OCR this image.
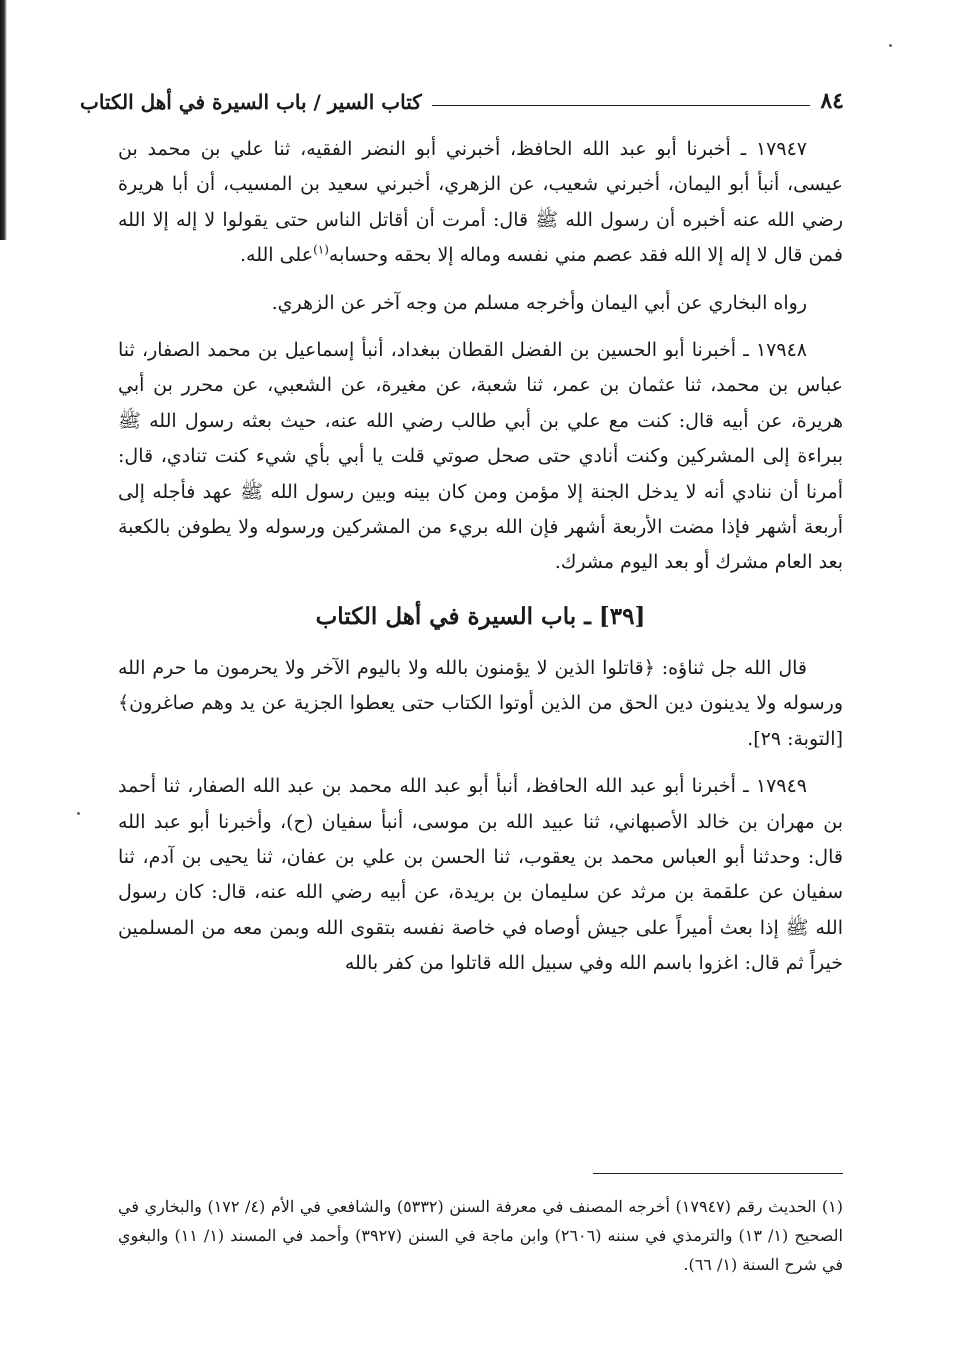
٨٤
كتاب السير / باب السيرة في أهل الكتاب

١٧٩٤٧ ـ أخبرنا أبو عبد الله الحافظ، أخبرني أبو النضر الفقيه، ثنا علي بن محمد بن عيسى، أنبأ أبو اليمان، أخبرني شعيب، عن الزهري، أخبرني سعيد بن المسيب، أن أبا هريرة رضي الله عنه أخبره أن رسول الله ﷺ قال: أمرت أن أقاتل الناس حتى يقولوا لا إله إلا الله فمن قال لا إله إلا الله فقد عصم مني نفسه وماله إلا بحقه وحسابه$^{(١)}$على الله.

رواه البخاري عن أبي اليمان وأخرجه مسلم من وجه آخر عن الزهري.

١٧٩٤٨ ـ أخبرنا أبو الحسين بن الفضل القطان ببغداد، أنبأ إسماعيل بن محمد الصفار، ثنا عباس بن محمد، ثنا عثمان بن عمر، ثنا شعبة، عن مغيرة، عن الشعبي، عن محرر بن أبي هريرة، عن أبيه قال: كنت مع علي بن أبي طالب رضي الله عنه، حيث بعثه رسول الله ﷺ ببراءة إلى المشركين وكنت أنادي حتى صحل صوتي قلت يا أبي بأي شيء كنت تنادي، قال: أمرنا أن ننادي أنه لا يدخل الجنة إلا مؤمن ومن كان بينه وبين رسول الله ﷺ عهد فأجله إلى أربعة أشهر فإذا مضت الأربعة أشهر فإن الله بريء من المشركين ورسوله ولا يطوفن بالكعبة بعد العام مشرك أو بعد اليوم مشرك.

[٣٩] ـ باب السيرة في أهل الكتاب

قال الله جل ثناؤه: ﴿قاتلوا الذين لا يؤمنون بالله ولا باليوم الآخر ولا يحرمون ما حرم الله ورسوله ولا يدينون دين الحق من الذين أوتوا الكتاب حتى يعطوا الجزية عن يد وهم صاغرون﴾ [التوبة: ٢٩].

١٧٩٤٩ ـ أخبرنا أبو عبد الله الحافظ، أنبأ أبو عبد الله محمد بن عبد الله الصفار، ثنا أحمد بن مهران بن خالد الأصبهاني، ثنا عبيد الله بن موسى، أنبأ سفيان (ح)، وأخبرنا أبو عبد الله قال: وحدثنا أبو العباس محمد بن يعقوب، ثنا الحسن بن علي بن عفان، ثنا يحيى بن آدم، ثنا سفيان عن علقمة بن مرثد عن سليمان بن بريدة، عن أبيه رضي الله عنه، قال: كان رسول الله ﷺ إذا بعث أميراً على جيش أوصاه في خاصة نفسه بتقوى الله وبمن معه من المسلمين خيراً ثم قال: اغزوا باسم الله وفي سبيل الله قاتلوا من كفر بالله

(١) الحديث رقم (١٧٩٤٧) أخرجه المصنف في معرفة السنن (٥٣٣٢) والشافعي في الأم (٤/ ١٧٢) والبخاري في الصحيح (١/ ١٣) والترمذي في سننه (٢٦٠٦) وابن ماجة في السنن (٣٩٢٧) وأحمد في المسند (١/ ١١) والبغوي في شرح السنة (١/ ٦٦).
